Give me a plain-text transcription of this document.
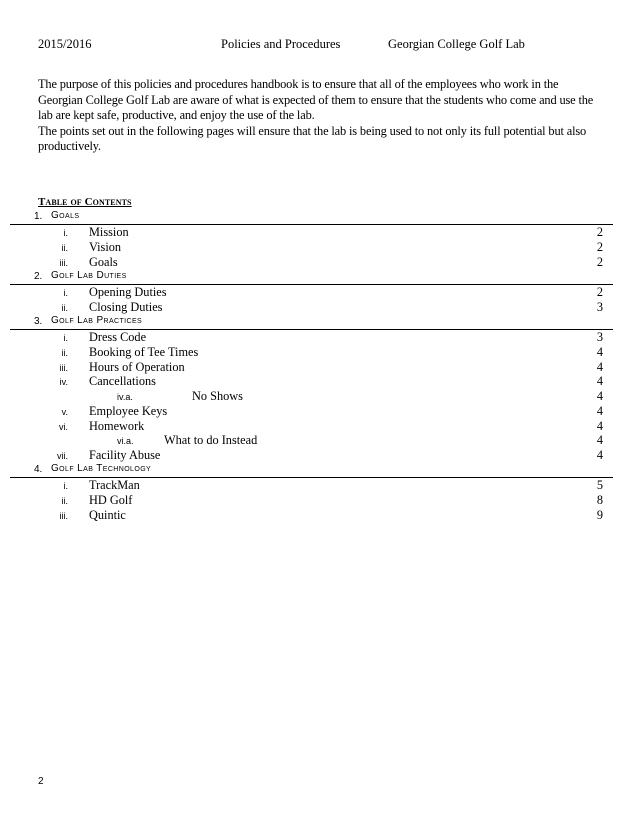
2015/2016	Policies and Procedures	Georgian College Golf Lab

The purpose of this policies and procedures handbook is to ensure that all of the employees who work in the Georgian College Golf Lab are aware of what is expected of them to ensure that the students who come and use the lab are kept safe, productive, and enjoy the use of the lab.

The points set out in the following pages will ensure that the lab is being used to not only its full potential but also productively.

Table of Contents
1. Goals
i. Mission	2
ii. Vision	2
iii. Goals	2
2. Golf Lab Duties
i. Opening Duties	2
ii. Closing Duties	3
3. Golf Lab Practices
i. Dress Code	3
ii. Booking of Tee Times	4
iii. Hours of Operation	4
iv. Cancellations	4
iv.a.	No Shows	4
v. Employee Keys	4
vi. Homework	4
vi.a. What to do Instead	4
vii. Facility Abuse	4
4. Golf Lab Technology
i. TrackMan	5
ii. HD Golf	8
iii. Quintic	9
2
